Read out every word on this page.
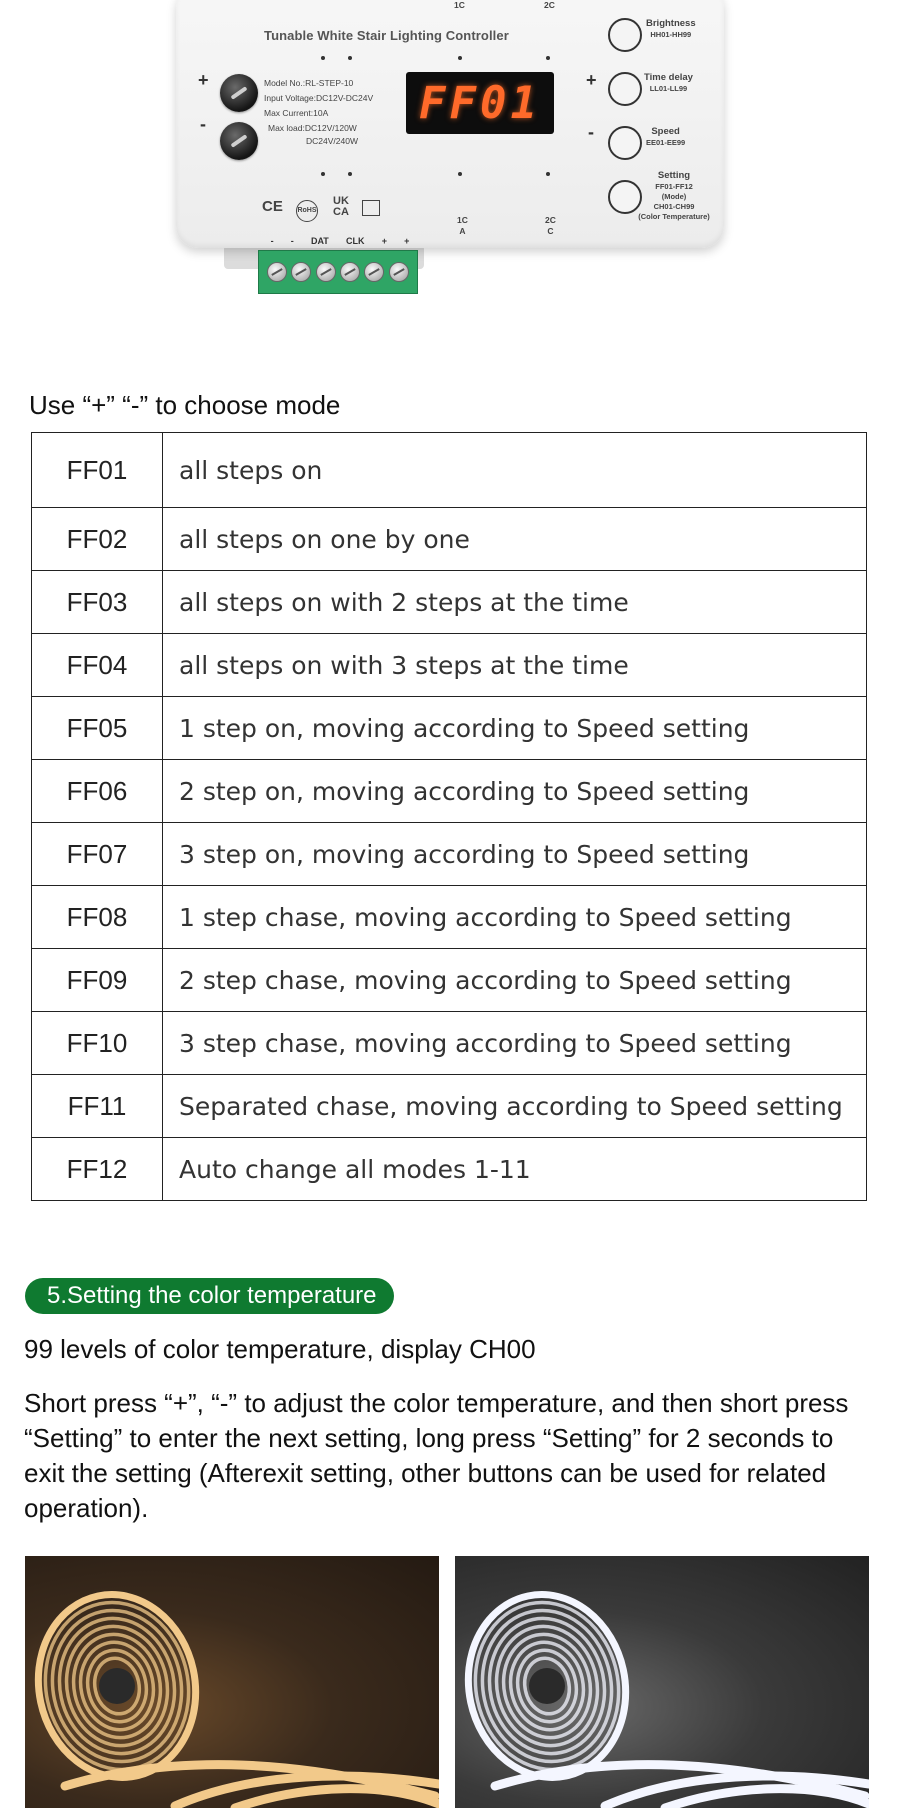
Tunable White Stair Lighting Controller
1C	2C
+
-
Model No.:RL-STEP-10
Input Voltage:DC12V-DC24V
Max Current:10A
Max load:DC12V/120W
DC24V/240W
FF01
CE RoHS
UK CA
1C
A
2C
C
+
-
Brightness
HH01-HH99
Time delay
LL01-LL99
Speed
EE01-EE99
Setting
FF01-FF12
(Mode)
CH01-CH99
(Color Temperature)
- - DAT CLK + +
Use “+” “-” to choose mode
FF01	all steps on
FF02	all steps on one by one
FF03	all steps on with 2 steps at the time
FF04	all steps on with 3 steps at the time
FF05	1 step on, moving according to Speed setting
FF06	2 step on, moving according to Speed setting
FF07	3 step on, moving according to Speed setting
FF08	1 step chase, moving according to Speed setting
FF09	2 step chase, moving according to Speed setting
FF10	3 step chase, moving according to Speed setting
FF11	Separated chase, moving according to Speed setting
FF12	Auto change all modes 1-11
5.Setting the color temperature
99 levels of color temperature, display CH00
Short press “+”, “-” to adjust the color temperature, and then short press “Setting” to enter the next setting, long press “Setting” for 2 seconds to exit the setting (Afterexit setting, other buttons can be used for related operation).
